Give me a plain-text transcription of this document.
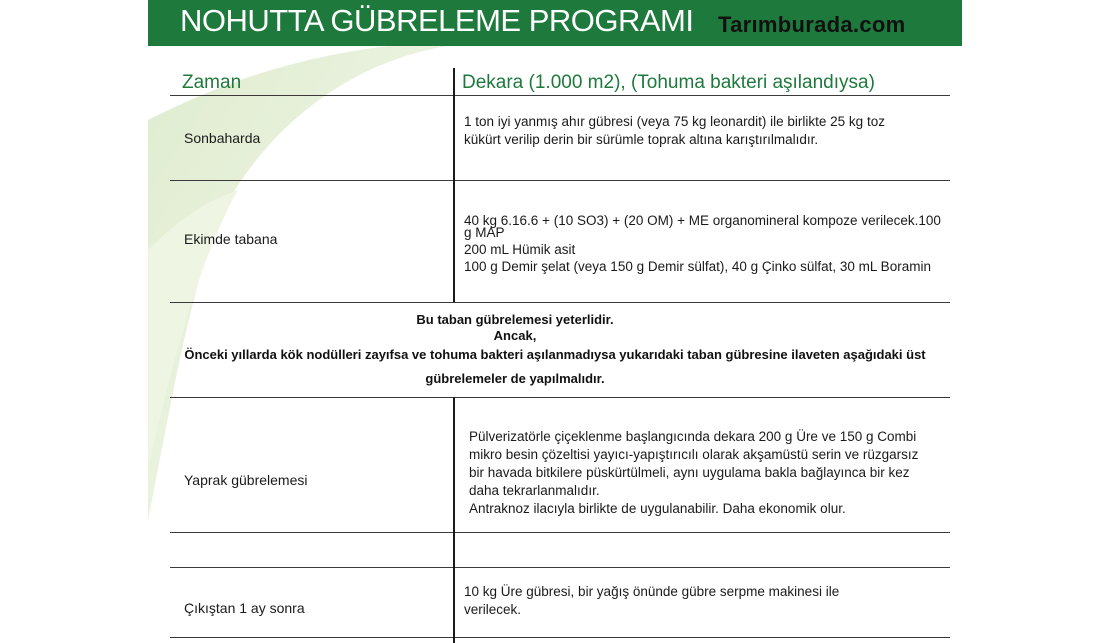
NOHUTTA GÜBRELEME PROGRAMI Tarımburada.com
Zaman	Dekara (1.000 m2), (Tohuma bakteri aşılandıysa)
Sonbaharda
1 ton iyi yanmış ahır gübresi (veya 75 kg leonardit) ile birlikte 25 kg toz
kükürt verilip derin bir sürümle toprak altına karıştırılmalıdır.
Ekimde tabana
40 kg 6.16.6 + (10 SO3) + (20 OM) + ME organomineral kompoze verilecek.100
g MAP
200 mL Hümik asit
100 g Demir şelat (veya 150 g Demir sülfat), 40 g Çinko sülfat, 30 mL Boramin
Bu taban gübrelemesi yeterlidir.
Ancak,
Önceki yıllarda kök nodülleri zayıfsa ve tohuma bakteri aşılanmadıysa yukarıdaki taban gübresine ilaveten aşağıdaki üst
gübrelemeler de yapılmalıdır.
Yaprak gübrelemesi
Pülverizatörle çiçeklenme başlangıcında dekara 200 g Üre ve 150 g Combi
mikro besin çözeltisi yayıcı-yapıştırıcılı olarak akşamüstü serin ve rüzgarsız
bir havada bitkilere püskürtülmeli, aynı uygulama bakla bağlayınca bir kez
daha tekrarlanmalıdır.
Antraknoz ilacıyla birlikte de uygulanabilir. Daha ekonomik olur.
Çıkıştan 1 ay sonra
10 kg Üre gübresi, bir yağış önünde gübre serpme makinesi ile
verilecek.
